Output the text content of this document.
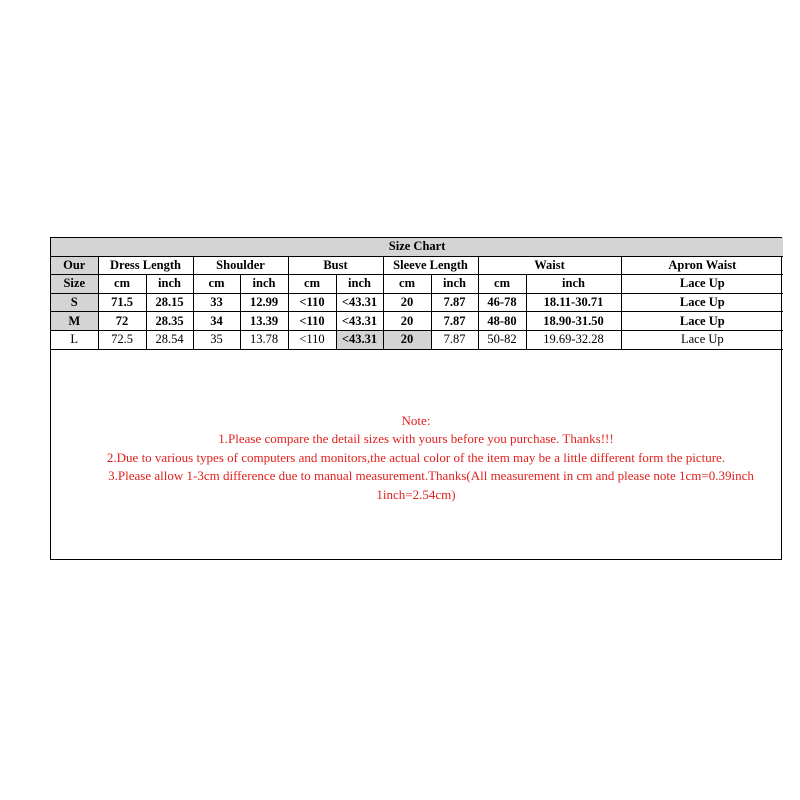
Size Chart											
Our	Dress Length		Shoulder		Bust		Sleeve Length		Waist		Apron Waist
Size	cm	inch	cm	inch	cm	inch	cm	inch	cm	inch	Lace Up
S	71.5	28.15	33	12.99	<110	<43.31	20	7.87	46-78	18.11-30.71	Lace Up
M	72	28.35	34	13.39	<110	<43.31	20	7.87	48-80	18.90-31.50	Lace Up
L	72.5	28.54	35	13.78	<110	<43.31	20	7.87	50-82	19.69-32.28	Lace Up
Note:
1.Please compare the detail sizes with yours before you purchase. Thanks!!!
2.Due to various types of computers and monitors,the actual color of the item may be a little different form the picture.
3.Please allow 1-3cm difference due to manual measurement.Thanks(All measurement in cm and please note 1cm=0.39inch
1inch=2.54cm)
